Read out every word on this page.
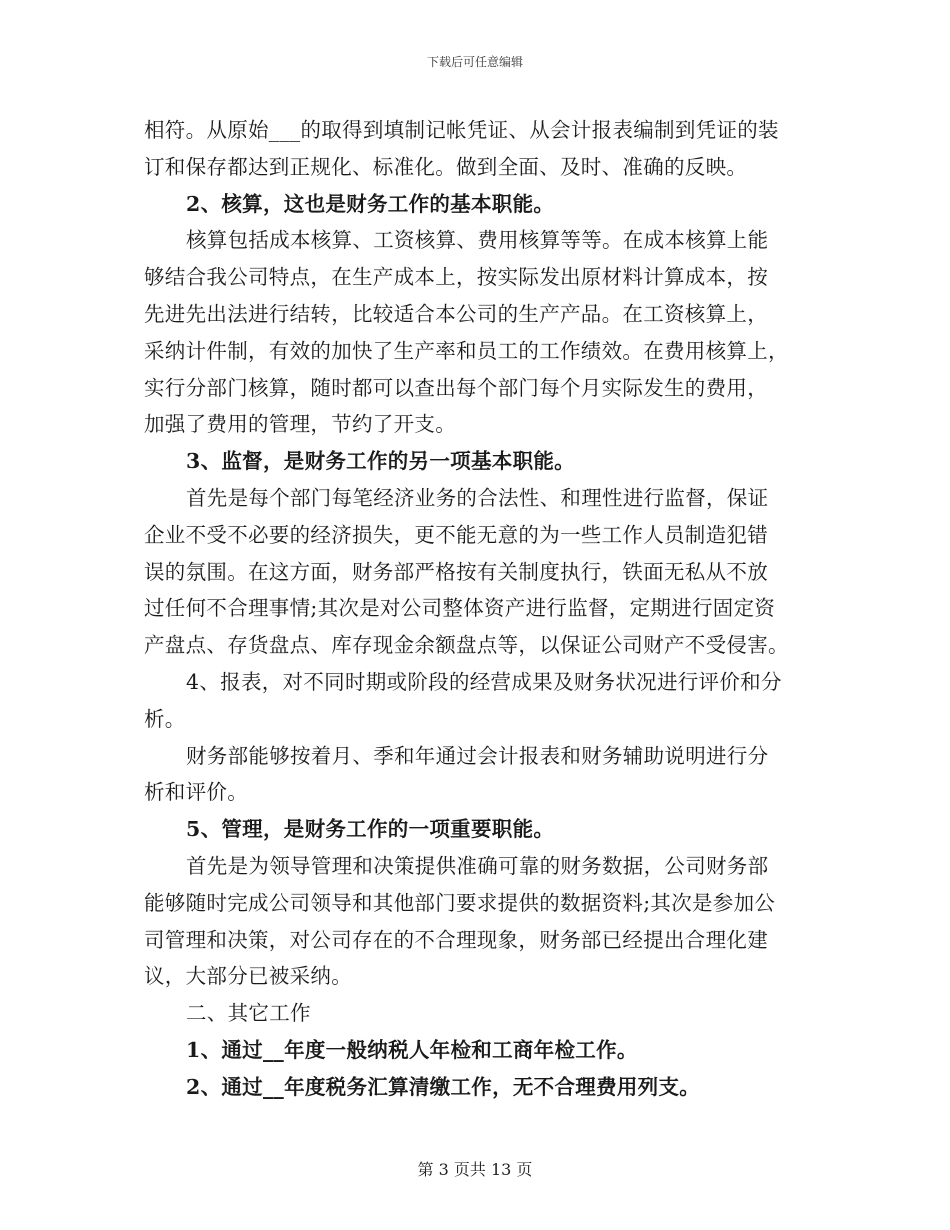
下载后可任意编辑
相符。从原始___的取得到填制记帐凭证、从会计报表编制到凭证的装
订和保存都达到正规化、标准化。做到全面、及时、准确的反映。
2、核算，这也是财务工作的基本职能。
核算包括成本核算、工资核算、费用核算等等。在成本核算上能
够结合我公司特点，在生产成本上，按实际发出原材料计算成本，按
先进先出法进行结转，比较适合本公司的生产产品。在工资核算上，
采纳计件制，有效的加快了生产率和员工的工作绩效。在费用核算上，
实行分部门核算，随时都可以查出每个部门每个月实际发生的费用，
加强了费用的管理，节约了开支。
3、监督，是财务工作的另一项基本职能。
首先是每个部门每笔经济业务的合法性、和理性进行监督，保证
企业不受不必要的经济损失，更不能无意的为一些工作人员制造犯错
误的氛围。在这方面，财务部严格按有关制度执行，铁面无私从不放
过任何不合理事情;其次是对公司整体资产进行监督，定期进行固定资
产盘点、存货盘点、库存现金余额盘点等，以保证公司财产不受侵害。
4、报表，对不同时期或阶段的经营成果及财务状况进行评价和分
析。
财务部能够按着月、季和年通过会计报表和财务辅助说明进行分
析和评价。
5、管理，是财务工作的一项重要职能。
首先是为领导管理和决策提供准确可靠的财务数据，公司财务部
能够随时完成公司领导和其他部门要求提供的数据资料;其次是参加公
司管理和决策，对公司存在的不合理现象，财务部已经提出合理化建
议，大部分已被采纳。
二、其它工作
1、通过__年度一般纳税人年检和工商年检工作。
2、通过__年度税务汇算清缴工作，无不合理费用列支。
第 3 页共 13 页
